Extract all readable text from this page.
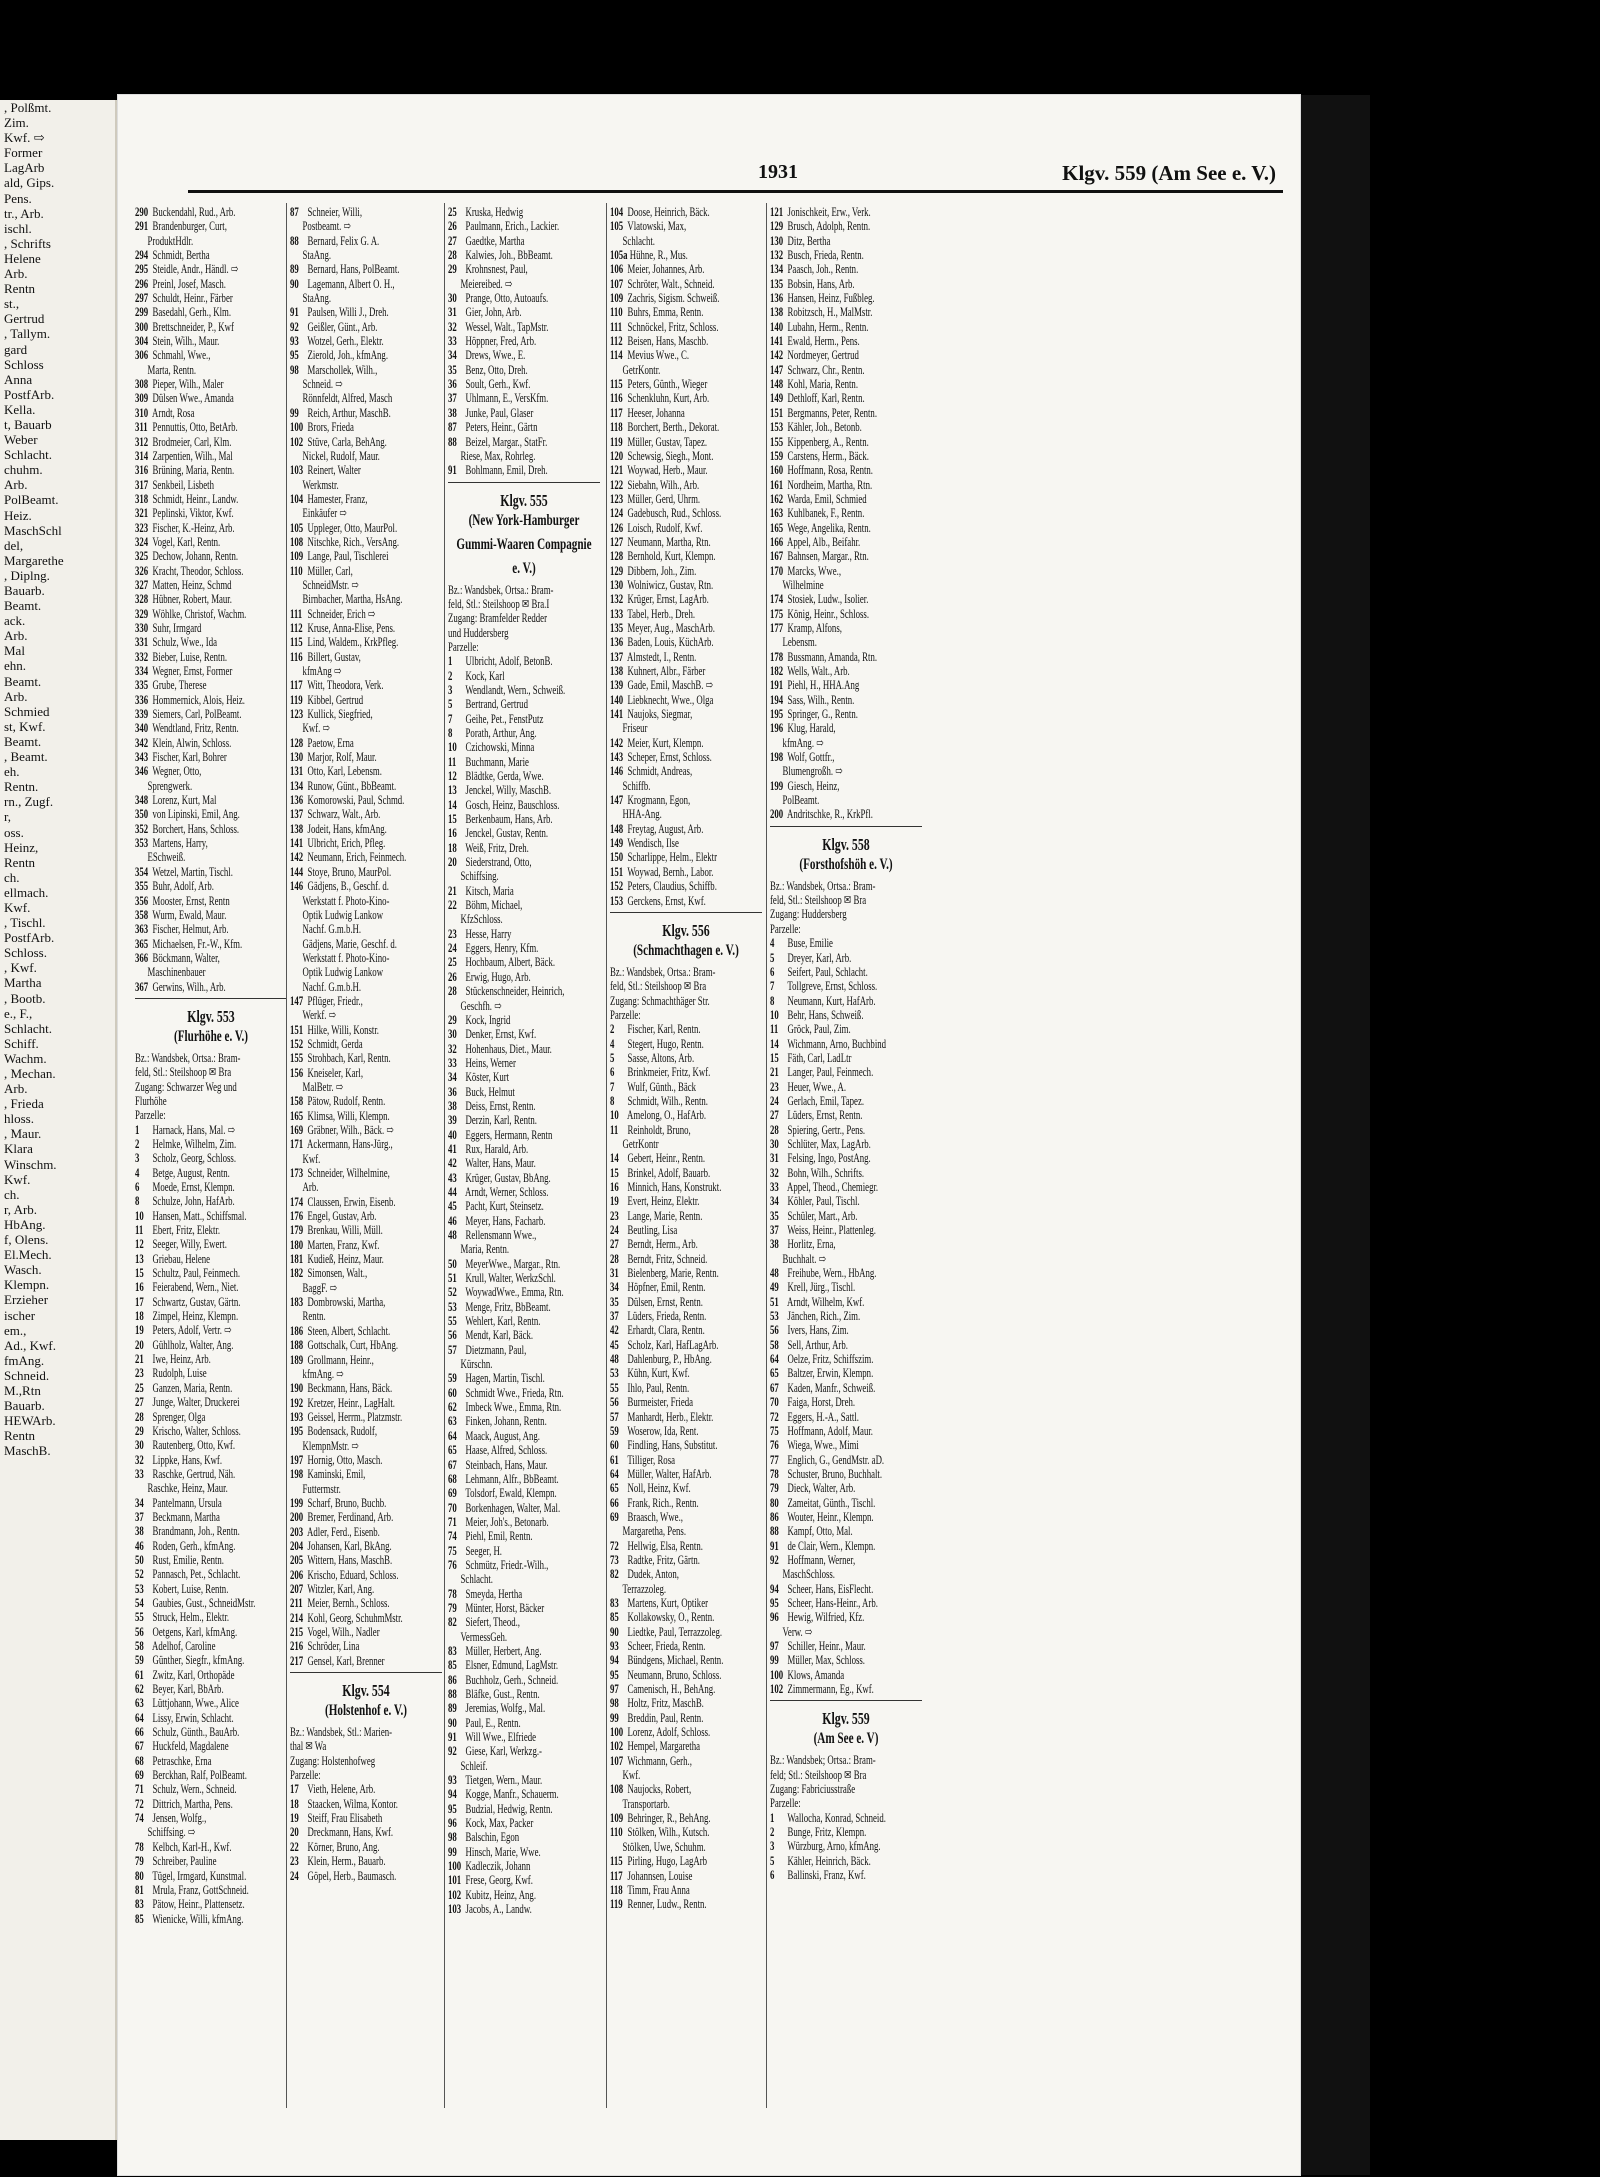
, Polßmt.
Zim.
Kwf. ⇨
Former
LagArb
ald, Gips.
Pens.
tr., Arb.
ischl.
, Schrifts
Helene
Arb.
Rentn
st.,
Gertrud
, Tallym.
gard
Schloss
Anna
PostfArb.
Kella.
t, Bauarb
Weber
Schlacht.
chuhm.
Arb.
PolBeamt.
Heiz.
MaschSchl
del,
Margarethe
, Diplng.
Bauarb.
Beamt.
ack.
Arb.
Mal
ehn.
Beamt.
Arb.
Schmied
st, Kwf.
Beamt.
, Beamt.
eh.
Rentn.
rn., Zugf.
r,
oss.
Heinz,
Rentn
ch.
ellmach.
Kwf.
, Tischl.
PostfArb.
Schloss.
, Kwf.
Martha
, Bootb.
e., F.,
Schlacht.
Schiff.
Wachm.
, Mechan.
Arb.
, Frieda
hloss.
, Maur.
Klara
Winschm.
Kwf.
ch.
r, Arb.
HbAng.
f, Olens.
El.Mech.
Wasch.
Klempn.
Erzieher
ischer
em.,
Ad., Kwf.
fmAng.
Schneid.
M.,Rtn
Bauarb.
HEWArb.
Rentn
MaschB.
1931	Klgv. 559 (Am See e. V.)
290 Buckendahl, Rud., Arb.
291 Brandenburger, Curt,
ProduktHdlr.
294 Schmidt, Bertha
295 Steidle, Andr., Händl. ⇨
296 Preinl, Josef, Masch.
297 Schuldt, Heinr., Färber
299 Basedahl, Gerh., Klm.
300 Brettschneider, P., Kwf
304 Stein, Wilh., Maur.
306 Schmahl, Wwe.,
Marta, Rentn.
308 Pieper, Wilh., Maler
309 Dülsen Wwe., Amanda
310 Arndt, Rosa
311 Pennuttis, Otto, BetArb.
312 Brodmeier, Carl, Klm.
314 Zarpentien, Wilh., Mal
316 Brüning, Maria, Rentn.
317 Senkbeil, Lisbeth
318 Schmidt, Heinr., Landw.
321 Peplinski, Viktor, Kwf.
323 Fischer, K.-Heinz, Arb.
324 Vogel, Karl, Rentn.
325 Dechow, Johann, Rentn.
326 Kracht, Theodor, Schloss.
327 Matten, Heinz, Schmd
328 Hübner, Robert, Maur.
329 Wöhlke, Christof, Wachm.
330 Suhr, Irmgard
331 Schulz, Wwe., Ida
332 Bieber, Luise, Rentn.
334 Wegner, Ernst, Former
335 Grube, Therese
336 Hommernick, Alois, Heiz.
339 Siemers, Carl, PolBeamt.
340 Wendtland, Fritz, Rentn.
342 Klein, Alwin, Schloss.
343 Fischer, Karl, Bohrer
346 Wegner, Otto,
Sprengwerk.
348 Lorenz, Kurt, Mal
350 von Lipinski, Emil, Ang.
352 Borchert, Hans, Schloss.
353 Martens, Harry,
ESchweiß.
354 Wetzel, Martin, Tischl.
355 Buhr, Adolf, Arb.
356 Mooster, Ernst, Rentn
358 Wurm, Ewald, Maur.
363 Fischer, Helmut, Arb.
365 Michaelsen, Fr.-W., Kfm.
366 Böckmann, Walter,
Maschinenbauer
367 Gerwins, Wilh., Arb.
Klgv. 553
(Flurhöhe e. V.)
Bz.: Wandsbek, Ortsa.: Bram-
feld, Stl.: Steilshoop ✉ Bra
Zugang: Schwarzer Weg und
Flurhöhe
Parzelle:
1 Harnack, Hans, Mal. ⇨
2 Helmke, Wilhelm, Zim.
3 Scholz, Georg, Schloss.
4 Betge, August, Rentn.
6 Moede, Ernst, Klempn.
8 Schulze, John, HafArb.
10 Hansen, Matt., Schiffsmal.
11 Ebert, Fritz, Elektr.
12 Seeger, Willy, Ewert.
13 Griebau, Helene
15 Schultz, Paul, Feinmech.
16 Feierabend, Wern., Niet.
17 Schwartz, Gustav, Gärtn.
18 Zimpel, Heinz, Klempn.
19 Peters, Adolf, Vertr. ⇨
20 Gühlholz, Walter, Ang.
21 Iwe, Heinz, Arb.
23 Rudolph, Luise
25 Ganzen, Maria, Rentn.
27 Junge, Walter, Druckerei
28 Sprenger, Olga
29 Krischo, Walter, Schloss.
30 Rautenberg, Otto, Kwf.
32 Lippke, Hans, Kwf.
33 Raschke, Gertrud, Näh.
Raschke, Heinz, Maur.
34 Pantelmann, Ursula
37 Beckmann, Martha
38 Brandmann, Joh., Rentn.
46 Roden, Gerh., kfmAng.
50 Rust, Emilie, Rentn.
52 Pannasch, Pet., Schlacht.
53 Kobert, Luise, Rentn.
54 Gaubies, Gust., SchneidMstr.
55 Struck, Helm., Elektr.
56 Oetgens, Karl, kfmAng.
58 Adelhof, Caroline
59 Günther, Siegfr., kfmAng.
61 Zwitz, Karl, Orthopäde
62 Beyer, Karl, BbArb.
63 Lüttjohann, Wwe., Alice
64 Lissy, Erwin, Schlacht.
66 Schulz, Günth., BauArb.
67 Huckfeld, Magdalene
68 Petraschke, Erna
69 Berckhan, Ralf, PolBeamt.
71 Schulz, Wern., Schneid.
72 Dittrich, Martha, Pens.
74 Jensen, Wolfg.,
Schiffsing. ⇨
78 Kelbch, Karl-H., Kwf.
79 Schreiber, Pauline
80 Tügel, Irmgard, Kunstmal.
81 Mrula, Franz, GottSchneid.
83 Pätow, Heinr., Plattensetz.
85 Wienicke, Willi, kfmAng.
87 Schneier, Willi,
Postbeamt. ⇨
88 Bernard, Felix G. A.
StaAng.
89 Bernard, Hans, PolBeamt.
90 Lagemann, Albert O. H.,
StaAng.
91 Paulsen, Willi J., Dreh.
92 Geißler, Günt., Arb.
93 Wotzel, Gerh., Elektr.
95 Zierold, Joh., kfmAng.
98 Marschollek, Wilh.,
Schneid. ⇨
Rönnfeldt, Alfred, Masch
99 Reich, Arthur, MaschB.
100 Brors, Frieda
102 Stüve, Carla, BehAng.
Nickel, Rudolf, Maur.
103 Reinert, Walter
Werkmstr.
104 Hamester, Franz,
Einkäufer ⇨
105 Uppleger, Otto, MaurPol.
108 Nitschke, Rich., VersAng.
109 Lange, Paul, Tischlerei
110 Müller, Carl,
SchneidMstr. ⇨
Birnbacher, Martha, HsAng.
111 Schneider, Erich ⇨
112 Kruse, Anna-Elise, Pens.
115 Lind, Waldem., KrkPfleg.
116 Billert, Gustav,
kfmAng ⇨
117 Witt, Theodora, Verk.
119 Kibbel, Gertrud
123 Kullick, Siegfried,
Kwf. ⇨
128 Paetow, Erna
130 Marjor, Rolf, Maur.
131 Otto, Karl, Lebensm.
134 Runow, Günt., BbBeamt.
136 Komorowski, Paul, Schmd.
137 Schwarz, Walt., Arb.
138 Jodeit, Hans, kfmAng.
141 Ulbricht, Erich, Pfleg.
142 Neumann, Erich, Feinmech.
144 Stoye, Bruno, MaurPol.
146 Gädjens, B., Geschf. d.
Werkstatt f. Photo-Kino-
Optik Ludwig Lankow
Nachf. G.m.b.H.
Gädjens, Marie, Geschf. d.
Werkstatt f. Photo-Kino-
Optik Ludwig Lankow
Nachf. G.m.b.H.
147 Pflüger, Friedr.,
Werkf. ⇨
151 Hilke, Willi, Konstr.
152 Schmidt, Gerda
155 Strohbach, Karl, Rentn.
156 Kneiseler, Karl,
MalBetr. ⇨
158 Pätow, Rudolf, Rentn.
165 Klimsa, Willi, Klempn.
169 Gräbner, Wilh., Bäck. ⇨
171 Ackermann, Hans-Jürg.,
Kwf.
173 Schneider, Wilhelmine,
Arb.
174 Claussen, Erwin, Eisenb.
176 Engel, Gustav, Arb.
179 Brenkau, Willi, Müll.
180 Marten, Franz, Kwf.
181 Kudieß, Heinz, Maur.
182 Simonsen, Walt.,
BaggF. ⇨
183 Dombrowski, Martha,
Rentn.
186 Steen, Albert, Schlacht.
188 Gottschalk, Curt, HbAng.
189 Grollmann, Heinr.,
kfmAng. ⇨
190 Beckmann, Hans, Bäck.
192 Kretzer, Heinr., LagHalt.
193 Geissel, Herrm., Platzmstr.
195 Bodensack, Rudolf,
KlempnMstr. ⇨
197 Hornig, Otto, Masch.
198 Kaminski, Emil,
Futtermstr.
199 Scharf, Bruno, Buchb.
200 Bremer, Ferdinand, Arb.
203 Adler, Ferd., Eisenb.
204 Johansen, Karl, BkAng.
205 Wittern, Hans, MaschB.
206 Krischo, Eduard, Schloss.
207 Witzler, Karl, Ang.
211 Meier, Bernh., Schloss.
214 Kohl, Georg, SchuhmMstr.
215 Vogel, Wilh., Nadler
216 Schröder, Lina
217 Gensel, Karl, Brenner
Klgv. 554
(Holstenhof e. V.)
Bz.: Wandsbek, Stl.: Marien-
thal ✉ Wa
Zugang: Holstenhofweg
Parzelle:
17 Vieth, Helene, Arb.
18 Staacken, Wilma, Kontor.
19 Steiff, Frau Elisabeth
20 Dreckmann, Hans, Kwf.
22 Körner, Bruno, Ang.
23 Klein, Herm., Bauarb.
24 Göpel, Herb., Baumasch.
25 Kruska, Hedwig
26 Paulmann, Erich., Lackier.
27 Gaedtke, Martha
28 Kalwies, Joh., BbBeamt.
29 Krohnsnest, Paul,
Meiereibed. ⇨
30 Prange, Otto, Autoaufs.
31 Gier, John, Arb.
32 Wessel, Walt., TapMstr.
33 Höppner, Fred, Arb.
34 Drews, Wwe., E.
35 Benz, Otto, Dreh.
36 Soult, Gerh., Kwf.
37 Uhlmann, E., VersKfm.
38 Junke, Paul, Glaser
87 Peters, Heinr., Gärtn
88 Beizel, Margar., StatFr.
Riese, Max, Rohrleg.
91 Bohlmann, Emil, Dreh.
Klgv. 555
(New York-Hamburger
Gummi-Waaren Compagnie
e. V.)
Bz.: Wandsbek, Ortsa.: Bram-
feld, Stl.: Steilshoop ✉ Bra.I
Zugang: Bramfelder Redder
und Huddersberg
Parzelle:
1 Ulbricht, Adolf, BetonB.
2 Kock, Karl
3 Wendlandt, Wern., Schweiß.
5 Bertrand, Gertrud
7 Geihe, Pet., FenstPutz
8 Porath, Arthur, Ang.
10 Czichowski, Minna
11 Buchmann, Marie
12 Blädtke, Gerda, Wwe.
13 Jenckel, Willy, MaschB.
14 Gosch, Heinz, Bauschloss.
15 Berkenbaum, Hans, Arb.
16 Jenckel, Gustav, Rentn.
18 Weiß, Fritz, Dreh.
20 Siederstrand, Otto,
Schiffsing.
21 Kitsch, Maria
22 Böhm, Michael,
KfzSchloss.
23 Hesse, Harry
24 Eggers, Henry, Kfm.
25 Hochbaum, Albert, Bäck.
26 Erwig, Hugo, Arb.
28 Stückenschneider, Heinrich,
Geschfh. ⇨
29 Kock, Ingrid
30 Denker, Ernst, Kwf.
32 Hohenhaus, Diet., Maur.
33 Heins, Werner
34 Köster, Kurt
36 Buck, Helmut
38 Deiss, Ernst, Rentn.
39 Derzin, Karl, Rentn.
40 Eggers, Hermann, Rentn
41 Rux, Harald, Arb.
42 Walter, Hans, Maur.
43 Krüger, Gustav, BbAng.
44 Arndt, Werner, Schloss.
45 Pacht, Kurt, Steinsetz.
46 Meyer, Hans, Facharb.
48 Rellensmann Wwe.,
Maria, Rentn.
50 MeyerWwe., Margar., Rtn.
51 Krull, Walter, WerkzSchl.
52 WoywadWwe., Emma, Rtn.
53 Menge, Fritz, BbBeamt.
55 Wehlert, Karl, Rentn.
56 Mendt, Karl, Bäck.
57 Dietzmann, Paul,
Kürschn.
59 Hagen, Martin, Tischl.
60 Schmidt Wwe., Frieda, Rtn.
62 Imbeck Wwe., Emma, Rtn.
63 Finken, Johann, Rentn.
64 Maack, August, Ang.
65 Haase, Alfred, Schloss.
67 Steinbach, Hans, Maur.
68 Lehmann, Alfr., BbBeamt.
69 Tolsdorf, Ewald, Klempn.
70 Borkenhagen, Walter, Mal.
71 Meier, Joh's., Betonarb.
74 Piehl, Emil, Rentn.
75 Seeger, H.
76 Schmütz, Friedr.-Wilh.,
Schlacht.
78 Smeyda, Hertha
79 Münter, Horst, Bäcker
82 Siefert, Theod.,
VermessGeh.
83 Müller, Herbert, Ang.
85 Elsner, Edmund, LagMstr.
86 Buchholz, Gerh., Schneid.
88 Bläfke, Gust., Rentn.
89 Jeremias, Wolfg., Mal.
90 Paul, E., Rentn.
91 Will Wwe., Elfriede
92 Giese, Karl, Werkzg.-
Schleif.
93 Tietgen, Wern., Maur.
94 Kogge, Manfr., Schauerm.
95 Budzial, Hedwig, Rentn.
96 Kock, Max, Packer
98 Balschin, Egon
99 Hinsch, Marie, Wwe.
100 Kadleczik, Johann
101 Frese, Georg, Kwf.
102 Kubitz, Heinz, Ang.
103 Jacobs, A., Landw.
104 Doose, Heinrich, Bäck.
105 Vlatowski, Max,
Schlacht.
105a Hühne, R., Mus.
106 Meier, Johannes, Arb.
107 Schröter, Walt., Schneid.
109 Zachris, Sigism. Schweiß.
110 Buhrs, Emma, Rentn.
111 Schnöckel, Fritz, Schloss.
112 Beisen, Hans, Maschb.
114 Mevius Wwe., C.
GetrKontr.
115 Peters, Günth., Wieger
116 Schenkluhn, Kurt, Arb.
117 Heeser, Johanna
118 Borchert, Berth., Dekorat.
119 Müller, Gustav, Tapez.
120 Schewsig, Siegh., Mont.
121 Woywad, Herb., Maur.
122 Siebahn, Wilh., Arb.
123 Müller, Gerd, Uhrm.
124 Gadebusch, Rud., Schloss.
126 Loisch, Rudolf, Kwf.
127 Neumann, Martha, Rtn.
128 Bernhold, Kurt, Klempn.
129 Dibbern, Joh., Zim.
130 Wolniwicz, Gustav, Rtn.
132 Krüger, Ernst, LagArb.
133 Tabel, Herb., Dreh.
135 Meyer, Aug., MaschArb.
136 Baden, Louis, KüchArb.
137 Almstedt, I., Rentn.
138 Kuhnert, Albr., Färber
139 Gade, Emil, MaschB. ⇨
140 Liebknecht, Wwe., Olga
141 Naujoks, Siegmar,
Friseur
142 Meier, Kurt, Klempn.
143 Scheper, Ernst, Schloss.
146 Schmidt, Andreas,
Schiffb.
147 Krogmann, Egon,
HHA-Ang.
148 Freytag, August, Arb.
149 Wendisch, Ilse
150 Scharlippe, Helm., Elektr
151 Woywad, Bernh., Labor.
152 Peters, Claudius, Schiffb.
153 Gerckens, Ernst, Kwf.
Klgv. 556
(Schmachthagen e. V.)
Bz.: Wandsbek, Ortsa.: Bram-
feld, Stl.: Steilshoop ✉ Bra
Zugang: Schmachthäger Str.
Parzelle:
2 Fischer, Karl, Rentn.
4 Stegert, Hugo, Rentn.
5 Sasse, Altons, Arb.
6 Brinkmeier, Fritz, Kwf.
7 Wulf, Günth., Bäck
8 Schmidt, Wilh., Rentn.
10 Amelong, O., HafArb.
11 Reinholdt, Bruno,
GetrKontr
14 Gebert, Heinr., Rentn.
15 Brinkel, Adolf, Bauarb.
16 Minnich, Hans, Konstrukt.
19 Evert, Heinz, Elektr.
23 Lange, Marie, Rentn.
24 Beutling, Lisa
27 Berndt, Herm., Arb.
28 Berndt, Fritz, Schneid.
31 Bielenberg, Marie, Rentn.
34 Höpfner, Emil, Rentn.
35 Dülsen, Ernst, Rentn.
37 Lüders, Frieda, Rentn.
42 Erhardt, Clara, Rentn.
45 Scholz, Karl, HafLagArb.
48 Dahlenburg, P., HbAng.
53 Kühn, Kurt, Kwf.
55 Ihlo, Paul, Rentn.
56 Burmeister, Frieda
57 Manhardt, Herb., Elektr.
59 Woserow, Ida, Rent.
60 Findling, Hans, Substitut.
61 Tilliger, Rosa
64 Müller, Walter, HafArb.
65 Noll, Heinz, Kwf.
66 Frank, Rich., Rentn.
69 Braasch, Wwe.,
Margaretha, Pens.
72 Hellwig, Elsa, Rentn.
73 Radtke, Fritz, Gärtn.
82 Dudek, Anton,
Terrazzoleg.
83 Martens, Kurt, Optiker
85 Kollakowsky, O., Rentn.
90 Liedtke, Paul, Terrazzoleg.
93 Scheer, Frieda, Rentn.
94 Bündgens, Michael, Rentn.
95 Neumann, Bruno, Schloss.
97 Camenisch, H., BehAng.
98 Holtz, Fritz, MaschB.
99 Breddin, Paul, Rentn.
100 Lorenz, Adolf, Schloss.
102 Hempel, Margaretha
107 Wichmann, Gerh.,
Kwf.
108 Naujocks, Robert,
Transportarb.
109 Behringer, R., BehAng.
110 Stölken, Wilh., Kutsch.
Stölken, Uwe, Schuhm.
115 Pirling, Hugo, LagArb
117 Johannsen, Louise
118 Timm, Frau Anna
119 Renner, Ludw., Rentn.
121 Jonischkeit, Erw., Verk.
129 Brusch, Adolph, Rentn.
130 Ditz, Bertha
132 Busch, Frieda, Rentn.
134 Paasch, Joh., Rentn.
135 Bobsin, Hans, Arb.
136 Hansen, Heinz, Fußbleg.
138 Robitzsch, H., MalMstr.
140 Lubahn, Herm., Rentn.
141 Ewald, Herm., Pens.
142 Nordmeyer, Gertrud
147 Schwarz, Chr., Rentn.
148 Kohl, Maria, Rentn.
149 Dethloff, Karl, Rentn.
151 Bergmanns, Peter, Rentn.
153 Kähler, Joh., Betonb.
155 Kippenberg, A., Rentn.
159 Carstens, Herm., Bäck.
160 Hoffmann, Rosa, Rentn.
161 Nordheim, Martha, Rtn.
162 Warda, Emil, Schmied
163 Kuhlbanek, F., Rentn.
165 Wege, Angelika, Rentn.
166 Appel, Alb., Beifahr.
167 Bahnsen, Margar., Rtn.
170 Marcks, Wwe.,
Wilhelmine
174 Stosiek, Ludw., Isolier.
175 König, Heinr., Schloss.
177 Kramp, Alfons,
Lebensm.
178 Bussmann, Amanda, Rtn.
182 Wells, Walt., Arb.
191 Piehl, H., HHA.Ang
194 Sass, Wilh., Rentn.
195 Springer, G., Rentn.
196 Klug, Harald,
kfmAng. ⇨
198 Wolf, Gottfr.,
Blumengroßh. ⇨
199 Giesch, Heinz,
PolBeamt.
200 Andritschke, R., KrkPfl.
Klgv. 558
(Forsthofshöh e. V.)
Bz.: Wandsbek, Ortsa.: Bram-
feld, Stl.: Steilshoop ✉ Bra
Zugang: Huddersberg
Parzelle:
4 Buse, Emilie
5 Dreyer, Karl, Arb.
6 Seifert, Paul, Schlacht.
7 Tollgreve, Ernst, Schloss.
8 Neumann, Kurt, HafArb.
10 Behr, Hans, Schweiß.
11 Gröck, Paul, Zim.
14 Wichmann, Arno, Buchbind
15 Fäth, Carl, LadLtr
21 Langer, Paul, Feinmech.
23 Heuer, Wwe., A.
24 Gerlach, Emil, Tapez.
27 Lüders, Ernst, Rentn.
28 Spiering, Gertr., Pens.
30 Schlüter, Max, LagArb.
31 Felsing, Ingo, PostAng.
32 Bohn, Wilh., Schrifts.
33 Appel, Theod., Chemiegr.
34 Köhler, Paul, Tischl.
35 Schüler, Mart., Arb.
37 Weiss, Heinr., Plattenleg.
38 Horlitz, Erna,
Buchhalt. ⇨
48 Freihube, Wern., HbAng.
49 Krell, Jürg., Tischl.
51 Arndt, Wilhelm, Kwf.
53 Jänchen, Rich., Zim.
56 Ivers, Hans, Zim.
58 Sell, Arthur, Arb.
64 Oelze, Fritz, Schiffszim.
65 Baltzer, Erwin, Klempn.
67 Kaden, Manfr., Schweiß.
70 Faiga, Horst, Dreh.
72 Eggers, H.-A., Sattl.
75 Hoffmann, Adolf, Maur.
76 Wiega, Wwe., Mimi
77 Englich, G., GendMstr. aD.
78 Schuster, Bruno, Buchhalt.
79 Dieck, Walter, Arb.
80 Zameitat, Günth., Tischl.
86 Wouter, Heinr., Klempn.
88 Kampf, Otto, Mal.
91 de Clair, Wern., Klempn.
92 Hoffmann, Werner,
MaschSchloss.
94 Scheer, Hans, EisFlecht.
95 Scheer, Hans-Heinr., Arb.
96 Hewig, Wilfried, Kfz.
Verw. ⇨
97 Schiller, Heinr., Maur.
99 Müller, Max, Schloss.
100 Klows, Amanda
102 Zimmermann, Eg., Kwf.
Klgv. 559
(Am See e. V)
Bz.: Wandsbek; Ortsa.: Bram-
feld; Stl.: Steilshoop ✉ Bra
Zugang: Fabriciusstraße
Parzelle:
1 Wallocha, Konrad, Schneid.
2 Bunge, Fritz, Klempn.
3 Würzburg, Arno, kfmAng.
5 Kähler, Heinrich, Bäck.
6 Ballinski, Franz, Kwf.
